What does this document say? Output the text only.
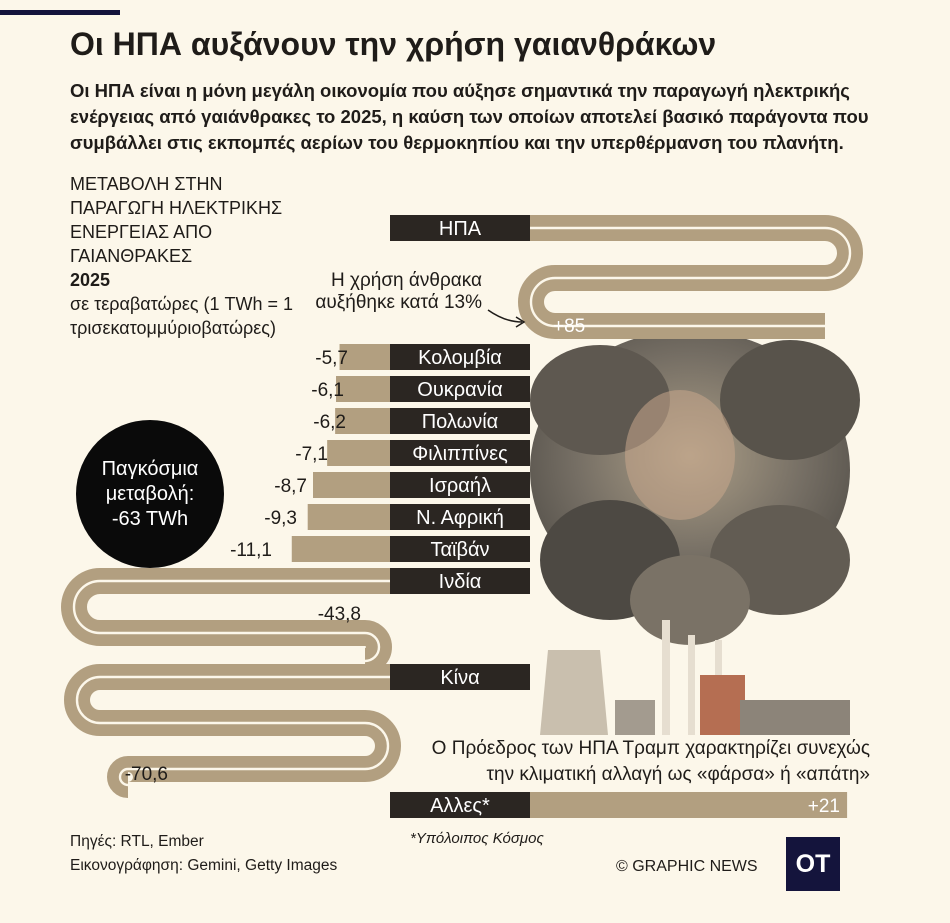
Οι ΗΠΑ αυξάνουν την χρήση γαιανθράκων
Οι ΗΠΑ είναι η μόνη μεγάλη οικονομία που αύξησε σημαντικά την παραγωγή ηλεκτρικής ενέργειας από γαιάνθρακες το 2025, η καύση των οποίων αποτελεί βασικό παράγοντα που συμβάλλει στις εκπομπές αερίων του θερμοκηπίου και την υπερθέρμανση του πλανήτη.
ΜΕΤΑΒΟΛΗ ΣΤΗΝ ΠΑΡΑΓΩΓΗ ΗΛΕΚΤΡΙΚΗΣ ΕΝΕΡΓΕΙΑΣ ΑΠΟ ΓΑΙΑΝΘΡΑΚΕΣ
2025
σε τεραβατώρες (1 TWh = 1 τρισεκατομμύριοβατώρες)
ΗΠΑ
Κολομβία
Ουκρανία
Πολωνία
Φιλιππίνες
Ισραήλ
Ν. Αφρική
Ταϊβάν
Ινδία
Κίνα
Αλλες*
+85
-5,7
-6,1
-6,2
-7,1
-8,7
-9,3
-11,1
-43,8
-70,6
+21
Η χρήση άνθρακα αυξήθηκε κατά 13%
Παγκόσμια μεταβολή:
-63 TWh
Ο Πρόεδρος των ΗΠΑ Τραμπ χαρακτηρίζει συνεχώς την κλιματική αλλαγή ως «φάρσα» ή «απάτη»
Πηγές: RTL, Ember
Εικονογράφηση: Gemini, Getty Images
*Υπόλοιπος Κόσμος
© GRAPHIC NEWS	OT
